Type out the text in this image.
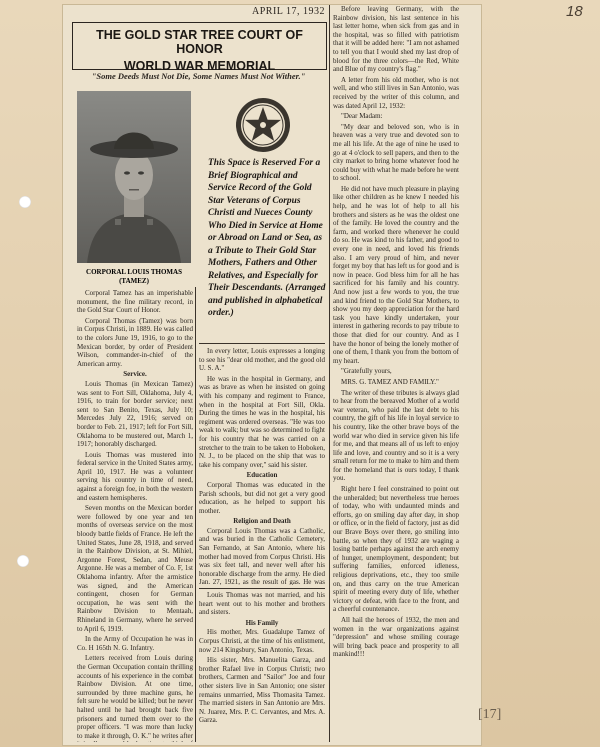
18
APRIL 17, 1932
THE GOLD STAR TREE COURT OF HONOR
WORLD WAR MEMORIAL
"Some Deeds Must Not Die, Some Names Must Not Wither."
CORPORAL LOUIS THOMAS
(TAMEZ)
This Space is Reserved For a Brief Biographical and Service Record of the Gold Star Veterans of Corpus Christi and Nueces County Who Died in Service at Home or Abroad on Land or Sea, as a Tribute to Their Gold Star Mothers, Fathers and Other Relatives, and Especially for Their Descendants. (Arranged and published in alphabetical order.)

Corporal Tamez has an imperishable monument, the fine military record, in the Gold Star Court of Honor.

Corporal Thomas (Tamez) was born in Corpus Christi, in 1889. He was called to the colors June 19, 1916, to go to the Mexican border, by order of President Wilson, commander-in-chief of the American army.

Service.

Louis Thomas (in Mexican Tamez) was sent to Fort Sill, Oklahoma, July 4, 1916, to train for border service; next sent to San Benito, Texas, July 10; Mercedes July 22, 1916; served on border to Feb. 21, 1917; left for Fort Sill, Oklahoma to be mustered out, March 1, 1917; honorably discharged.

Louis Thomas was mustered into federal service in the United States army, April 10, 1917. He was a volunteer serving his country in time of need, against a foreign foe, in both the western and eastern hemispheres.

Seven months on the Mexican border were followed by one year and ten months of overseas service on the most bloody battle fields of France. He left the United States, June 28, 1918, and served in the Rainbow Division, at St. Mihiel, Argonne Forest, Sedan, and Meuse Argonne. He was a member of Co. F, 1st Oklahoma infantry. After the armistice was signed, and the American contingent, chosen for German occupation, he was sent with the Rainbow Division to Mentaah, Rhineland in Germany, where he served to April 6, 1919.

In the Army of Occupation he was in Co. H 165th N. G. Infantry.

Letters received from Louis during the German Occupation contain thrilling accounts of his experience in the combat Rainbow Division. At one time, surrounded by three machine guns, he felt sure he would be killed; but he never halted until he had brought back five prisoners and turned them over to the proper officers. "I was more than lucky to make it through, O. K." he writes after

In every letter, Louis expresses a longing to see his "dear old mother, and the good old U. S. A."

He was in the hospital in Germany, and was as brave as when he insisted on going with his company and regiment to France, when in the hospital at Fort Sill, Okla. During the times he was in the hospital, his regiment was ordered overseas. "He was too weak to walk; but was so determined to fight for his country that he was carried on a stretcher to the train to be taken to Hoboken, N. J., to be placed on the ship that was to take his company over," said his sister.

Education

Corporal Thomas was educated in the Parish schools, but did not get a very good education, as he helped to support his mother.

Religion and Death

Corporal Louis Thomas was a Catholic, and was buried in the Catholic Cemetery, San Fernando, at San Antonio, where his mother had moved from Corpus Christi. His was six feet tall, and never well after his honorable discharge from the army. He died Jan. 27, 1921, as the result of gas. He was

Louis Thomas was not married, and his heart went out to his mother and brothers and sisters.

His Family

His mother, Mrs. Guadalupe Tamez of Corpus Christi, at the time of his enlistment, now 214 Kingsbury, San Antonio, Texas.

His sister, Mrs. Manuelita Garza, and brother Rafael live in Corpus Christi; two brothers, Carmen and "Sailor" Joe and four other sisters live in San Antonio; one sister remains unmarried, Miss Thomasita Tamez. The married sisters in San Antonio are Mrs. N. Juarez, Mrs. P. C. Cervantes, and Mrs. A. Garza.

Before leaving Germany, with the Rainbow division, his last sentence in his last letter home, when sick from gas and in the hospital, was so filled with patriotism that it will be added here: "I am not ashamed to tell you that I would shed my last drop of blood for the three colors—the Red, White and Blue of my country's flag."

A letter from his old mother, who is not well, and who still lives in San Antonio, was received by the writer of this column, and was dated April 12, 1932:

"Dear Madam:

"My dear and beloved son, who is in heaven was a very true and devoted son to me all his life. At the age of nine he used to go at 4 o'clock to sell papers, and then to the city market to bring home whatever food he could buy with what he made before he went to school.

He did not have much pleasure in playing like other children as he knew I needed his help, and he was lot of help to all his brothers and sisters as he was the oldest one of the family. He loved the country and the farm, and worked there whenever he could do so. He was kind to his father, and good to every one in need, and loved his friends also. I am very proud of him, and never forget my boy that has left us for good and is now in peace. God bless him for all he has sacrificed for his family and his country. And now just a few words to you, the true and kind friend to the Gold Star Mothers, to show you my deep appreciation for the hard task you have kindly undertaken, your interest in gathering records to pay tribute to those that died for our country. And as I have the honor of being the lonely mother of one of them, I thank you from the bottom of my heart.

"Gratefully yours,

MRS. G. TAMEZ AND FAMILY."

The writer of these tributes is always glad to hear from the bereaved Mother of a world war veteran, who paid the last debt to his country, the gift of his life in loyal service to his country, like the other brave boys of the world war who died in service given his life for me, and that means all of us left to enjoy life and love, and country and so it is a very small return for me to make to him and them for the homeland that is ours today, I thank you.

Right here I feel constrained to point out the unheralded; but nevertheless true heroes of today, who with undaunted minds and efforts, go on smiling day after day, in shop or office, or in the field of factory, just as did our Brave Boys over there, go smiling into battle, so when they of 1932 are waging a losing battle perhaps against the arch enemy of hunger, unemployment, despondent; but suffering families, enforced idleness, religious deprivations, etc., they too smile on, and thus carry on the true American spirit of meeting every duty of life, whether victory or defeat, with face to the front, and a cheerful countenance.

All hail the heroes of 1932, the men and women in the war organizations against "depression" and whose smiling courage will bring back peace and prosperity to all mankind!!!

[17]
